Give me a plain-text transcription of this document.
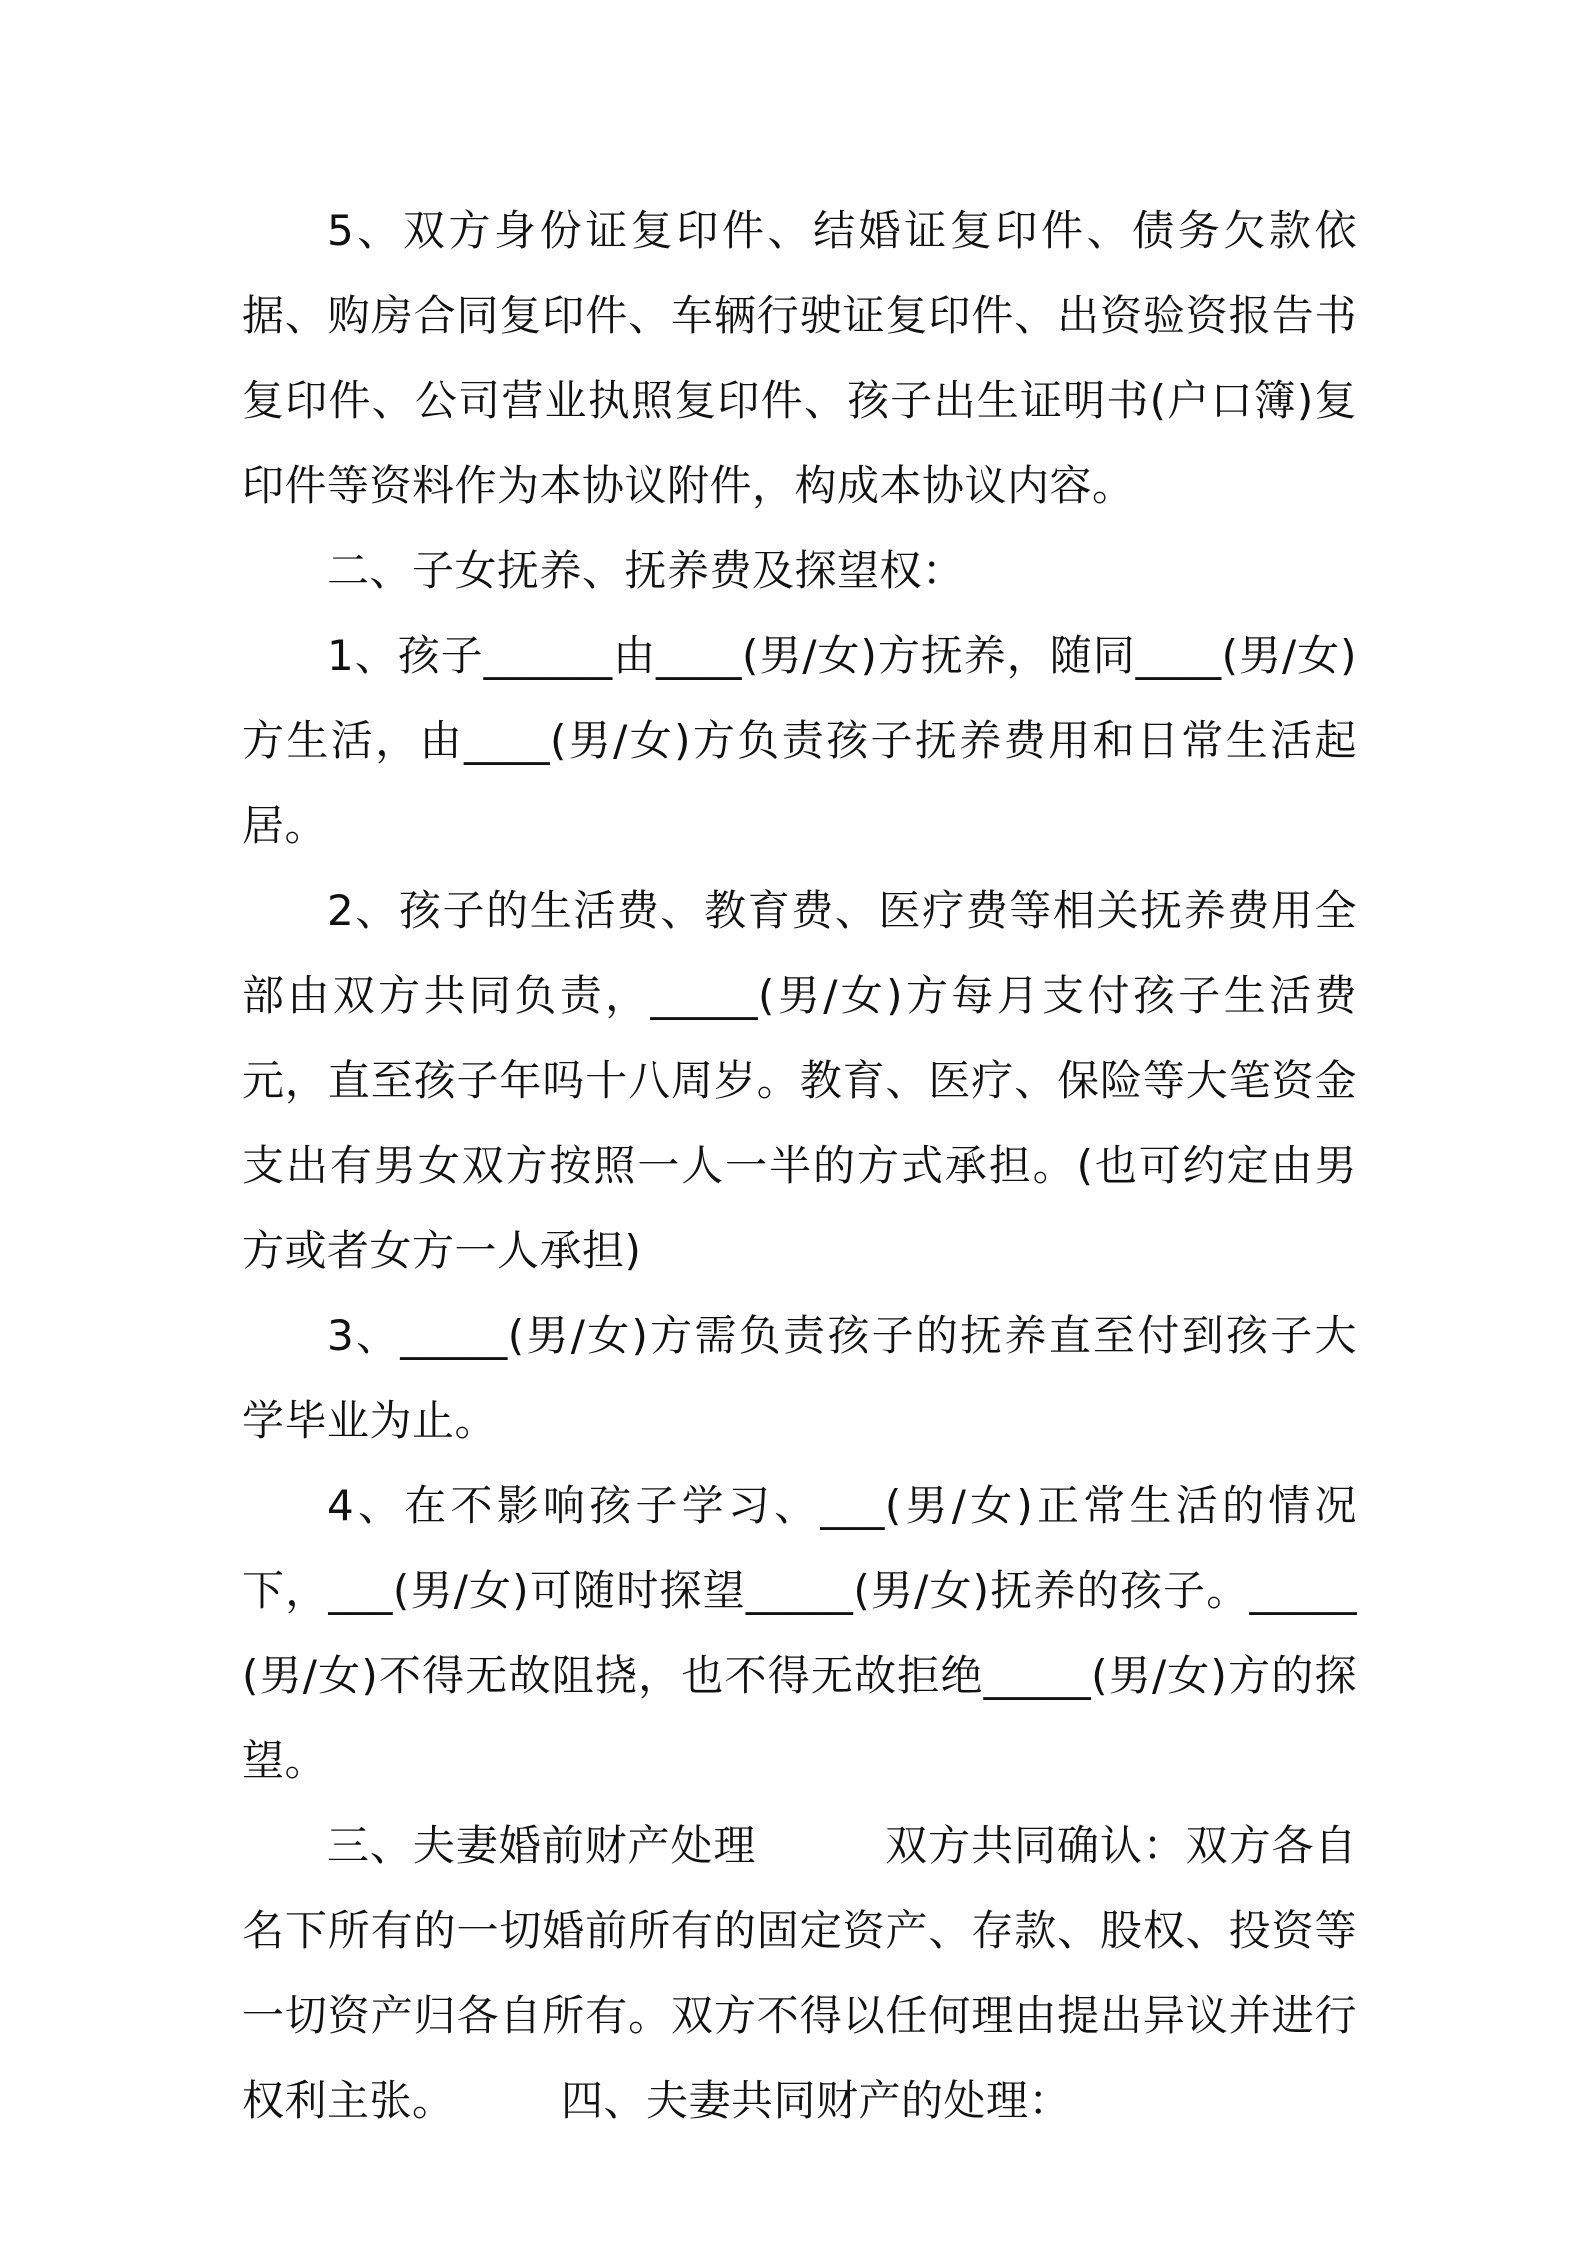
5、双方身份证复印件、结婚证复印件、债务欠款依据、购房合同复印件、车辆行驶证复印件、出资验资报告书复印件、公司营业执照复印件、孩子出生证明书(户口簿)复印件等资料作为本协议附件，构成本协议内容。

二、子女抚养、抚养费及探望权：

1、孩子______由____(男/女)方抚养，随同____(男/女)方生活，由____(男/女)方负责孩子抚养费用和日常生活起居。

2、孩子的生活费、教育费、医疗费等相关抚养费用全部由双方共同负责，_____(男/女)方每月支付孩子生活费元，直至孩子年吗十八周岁。教育、医疗、保险等大笔资金支出有男女双方按照一人一半的方式承担。(也可约定由男方或者女方一人承担)

3、_____(男/女)方需负责孩子的抚养直至付到孩子大学毕业为止。

4、在不影响孩子学习、___(男/女)正常生活的情况下，___(男/女)可随时探望_____(男/女)抚养的孩子。_____(男/女)不得无故阻挠，也不得无故拒绝_____(男/女)方的探望。

三、夫妻婚前财产处理　　　双方共同确认：双方各自名下所有的一切婚前所有的固定资产、存款、股权、投资等一切资产归各自所有。双方不得以任何理由提出异议并进行权利主张。　　　四、夫妻共同财产的处理：
